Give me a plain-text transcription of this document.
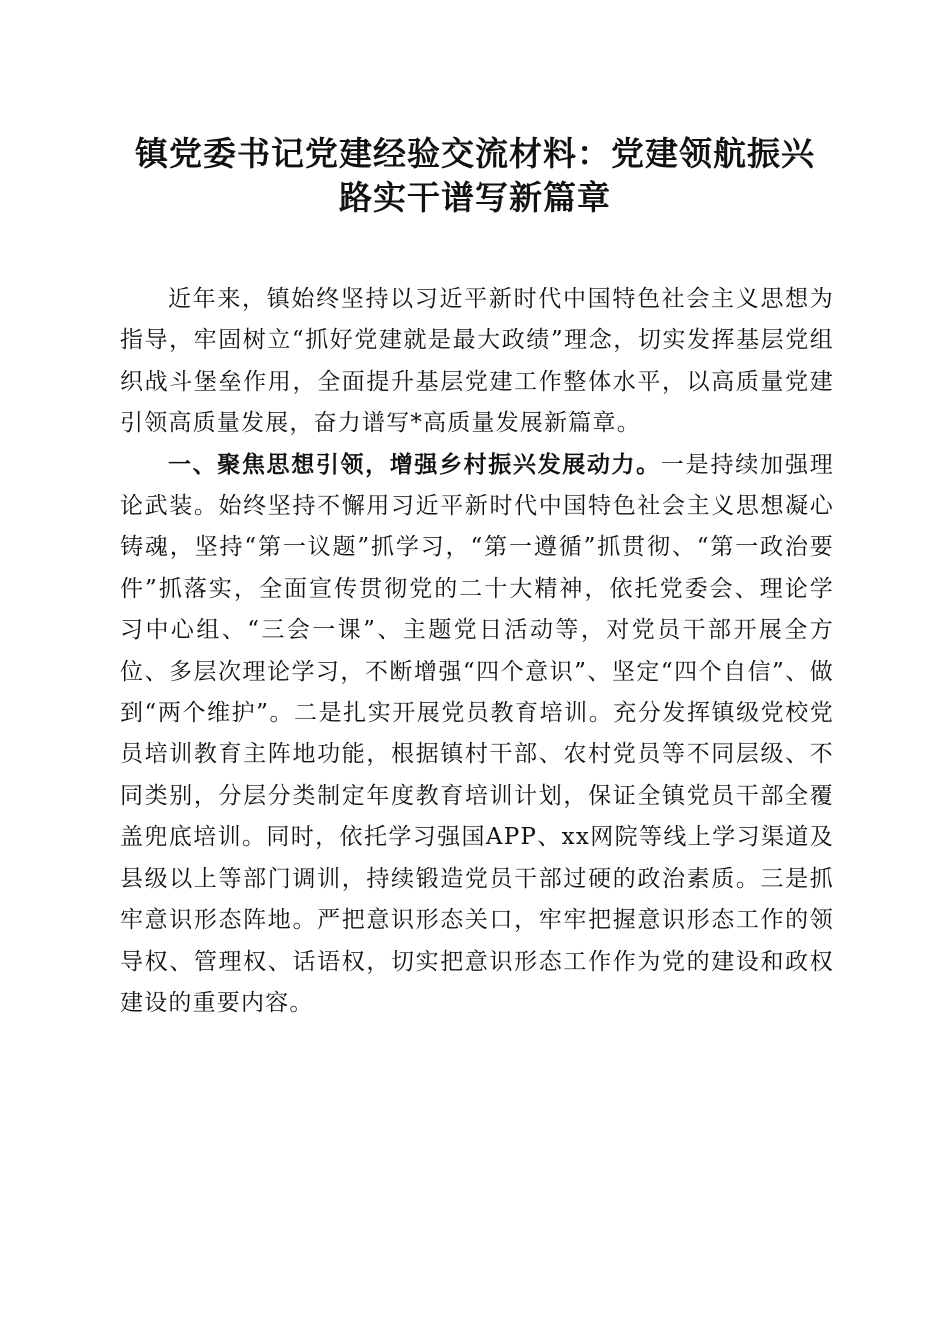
镇党委书记党建经验交流材料：党建领航振兴
路实干谱写新篇章

近年来，镇始终坚持以习近平新时代中国特色社会主义思想为指导，牢固树立“抓好党建就是最大政绩”理念，切实发挥基层党组织战斗堡垒作用，全面提升基层党建工作整体水平，以高质量党建引领高质量发展，奋力谱写*高质量发展新篇章。

一、聚焦思想引领，增强乡村振兴发展动力。一是持续加强理论武装。始终坚持不懈用习近平新时代中国特色社会主义思想凝心铸魂，坚持“第一议题”抓学习，“第一遵循”抓贯彻、“第一政治要件”抓落实，全面宣传贯彻党的二十大精神，依托党委会、理论学习中心组、“三会一课”、主题党日活动等，对党员干部开展全方位、多层次理论学习，不断增强“四个意识”、坚定“四个自信”、做到“两个维护”。二是扎实开展党员教育培训。充分发挥镇级党校党员培训教育主阵地功能，根据镇村干部、农村党员等不同层级、不同类别，分层分类制定年度教育培训计划，保证全镇党员干部全覆盖兜底培训。同时，依托学习强国APP、xx网院等线上学习渠道及县级以上等部门调训，持续锻造党员干部过硬的政治素质。三是抓牢意识形态阵地。严把意识形态关口，牢牢把握意识形态工作的领导权、管理权、话语权，切实把意识形态工作作为党的建设和政权建设的重要内容。
